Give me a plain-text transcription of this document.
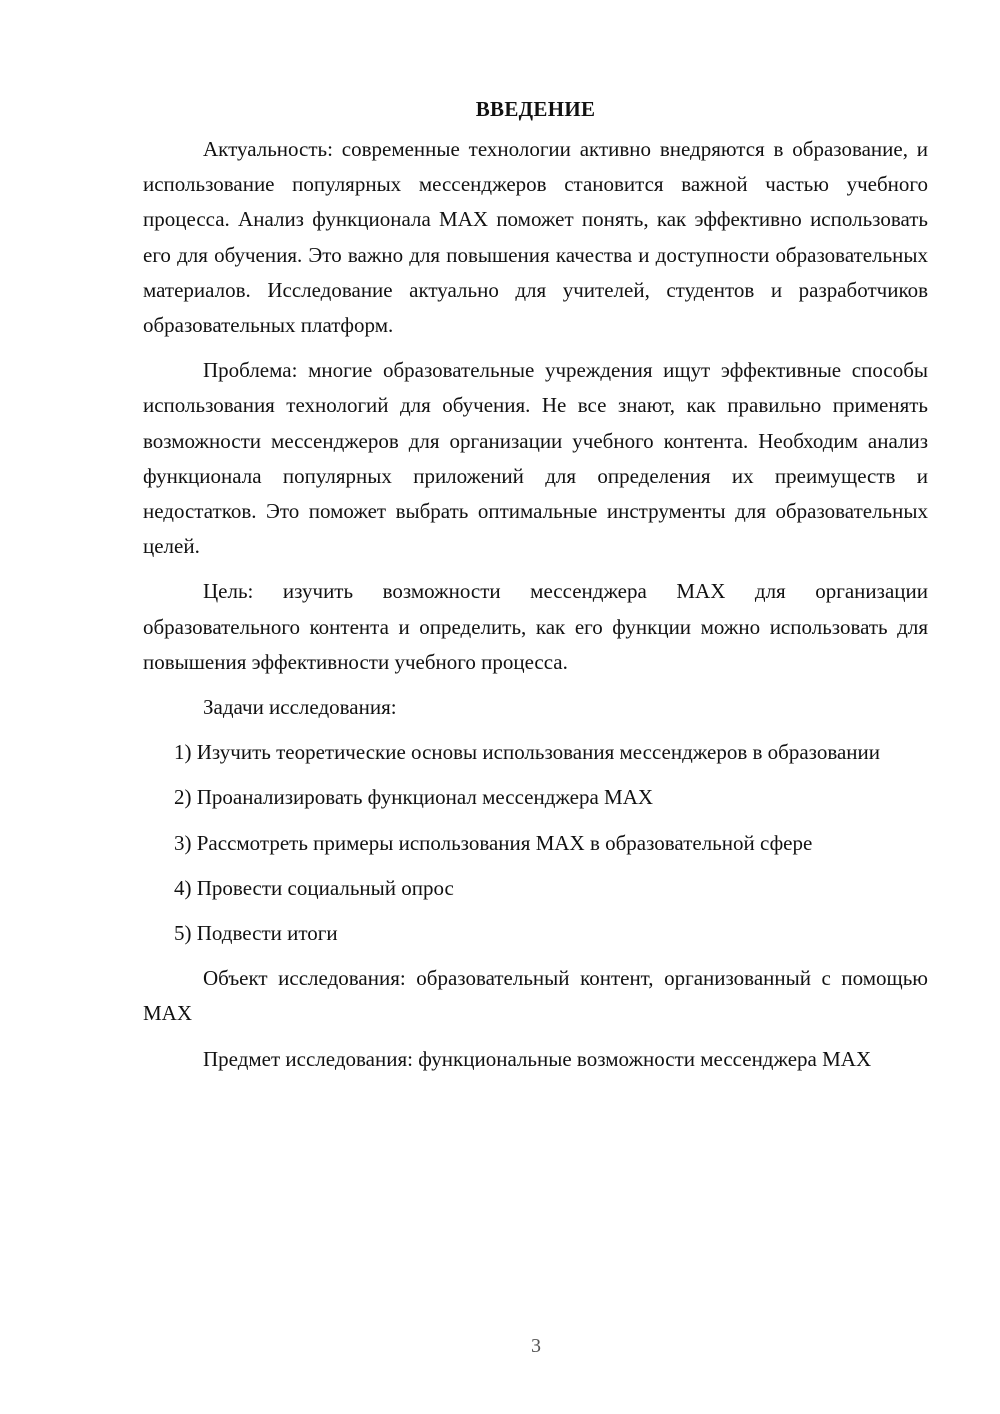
ВВЕДЕНИЕ

Актуальность: современные технологии активно внедряются в образование, и использование популярных мессенджеров становится важной частью учебного процесса. Анализ функционала MAX поможет понять, как эффективно использовать его для обучения. Это важно для повышения качества и доступности образовательных материалов. Исследование актуально для учителей, студентов и разработчиков образовательных платформ.

Проблема: многие образовательные учреждения ищут эффективные способы использования технологий для обучения. Не все знают, как правильно применять возможности мессенджеров для организации учебного контента. Необходим анализ функционала популярных приложений для определения их преимуществ и недостатков. Это поможет выбрать оптимальные инструменты для образовательных целей.

Цель: изучить возможности мессенджера MAX для организации образовательного контента и определить, как его функции можно использовать для повышения эффективности учебного процесса.

Задачи исследования:

1) Изучить теоретические основы использования мессенджеров в образовании

2) Проанализировать функционал мессенджера MAX

3) Рассмотреть примеры использования MAX в образовательной сфере

4) Провести социальный опрос

5) Подвести итоги

Объект исследования: образовательный контент, организованный с помощью MAX

Предмет исследования: функциональные возможности мессенджера MAX

3
